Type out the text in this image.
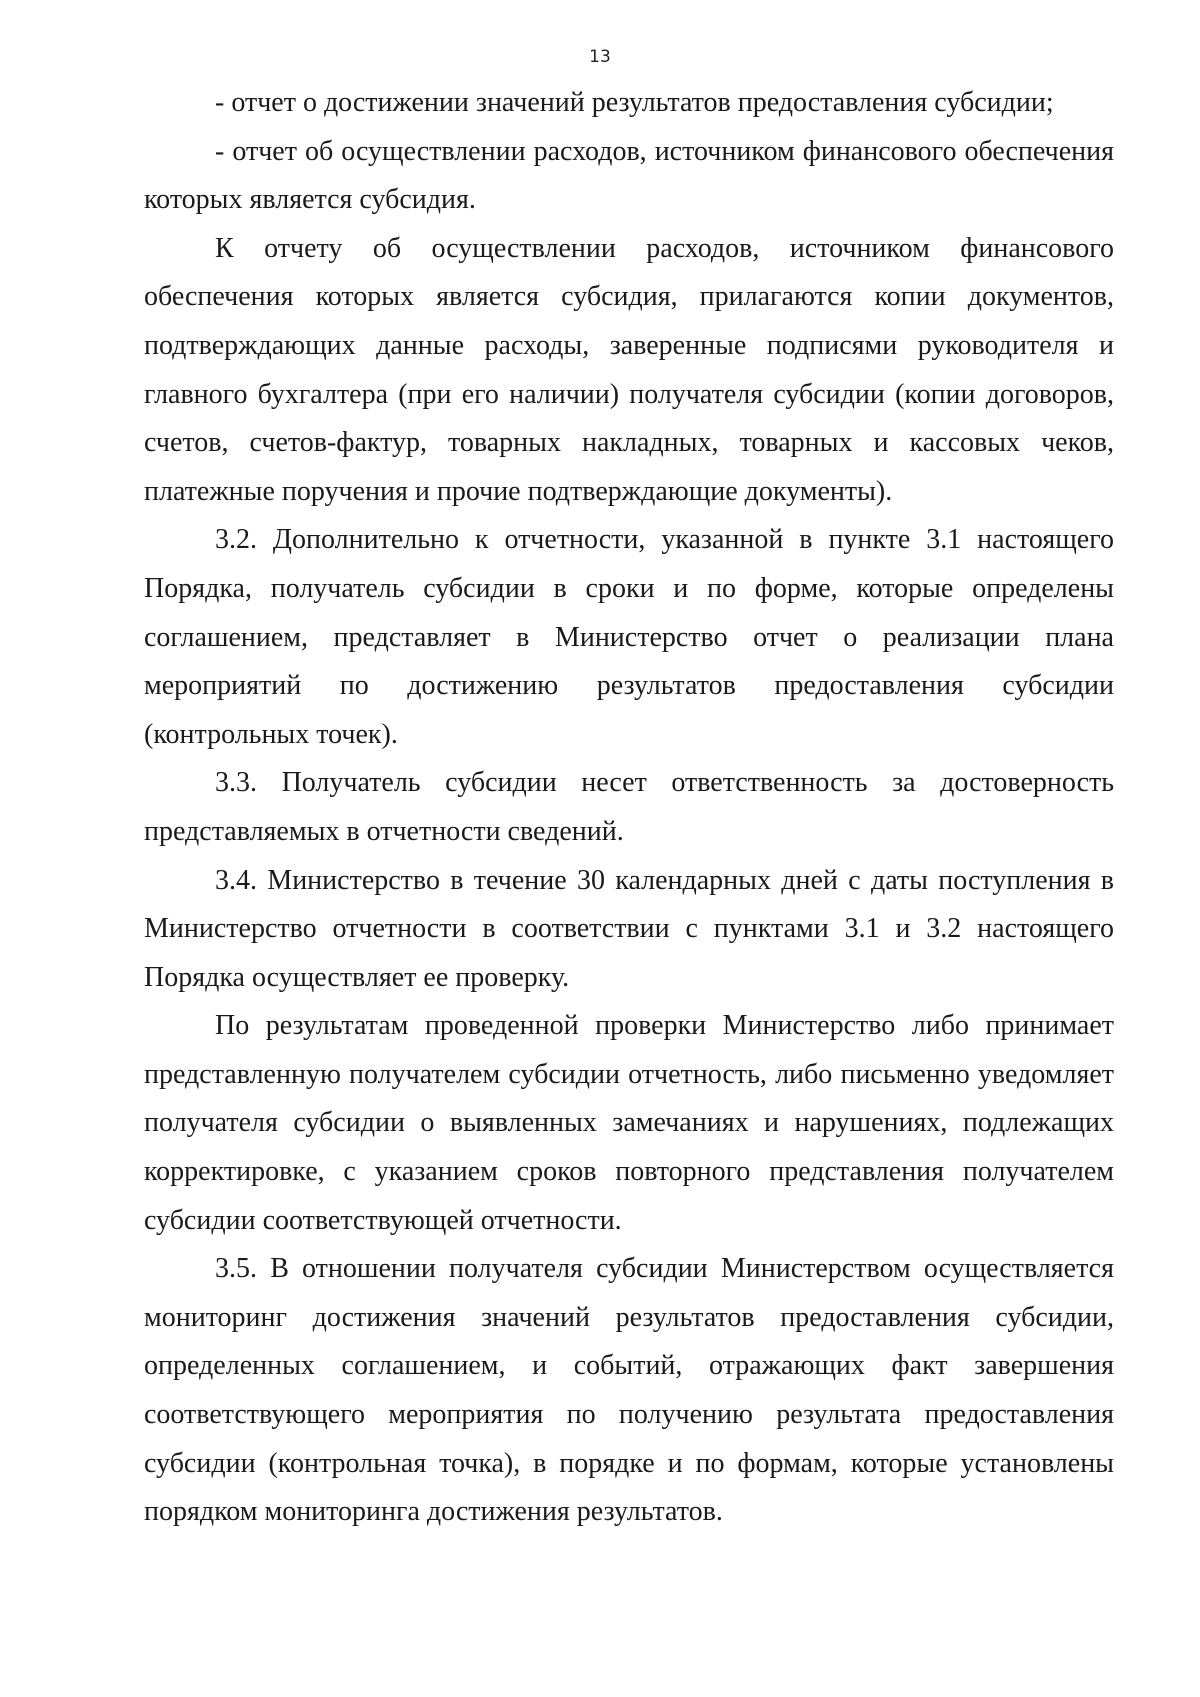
13

- отчет о достижении значений результатов предоставления субсидии;

- отчет об осуществлении расходов, источником финансового обеспечения которых является субсидия.

К отчету об осуществлении расходов, источником финансового обеспечения которых является субсидия, прилагаются копии документов, подтверждающих данные расходы, заверенные подписями руководителя и главного бухгалтера (при его наличии) получателя субсидии (копии договоров, счетов, счетов-фактур, товарных накладных, товарных и кассовых чеков, платежные поручения и прочие подтверждающие документы).

3.2. Дополнительно к отчетности, указанной в пункте 3.1 настоящего Порядка, получатель субсидии в сроки и по форме, которые определены соглашением, представляет в Министерство отчет о реализации плана мероприятий по достижению результатов предоставления субсидии (контрольных точек).

3.3. Получатель субсидии несет ответственность за достоверность представляемых в отчетности сведений.

3.4. Министерство в течение 30 календарных дней с даты поступления в Министерство отчетности в соответствии с пунктами 3.1 и 3.2 настоящего Порядка осуществляет ее проверку.

По результатам проведенной проверки Министерство либо принимает представленную получателем субсидии отчетность, либо письменно уведомляет получателя субсидии о выявленных замечаниях и нарушениях, подлежащих корректировке, с указанием сроков повторного представления получателем субсидии соответствующей отчетности.

3.5. В отношении получателя субсидии Министерством осуществляется мониторинг достижения значений результатов предоставления субсидии, определенных соглашением, и событий, отражающих факт завершения соответствующего мероприятия по получению результата предоставления субсидии (контрольная точка), в порядке и по формам, которые установлены порядком мониторинга достижения результатов.
